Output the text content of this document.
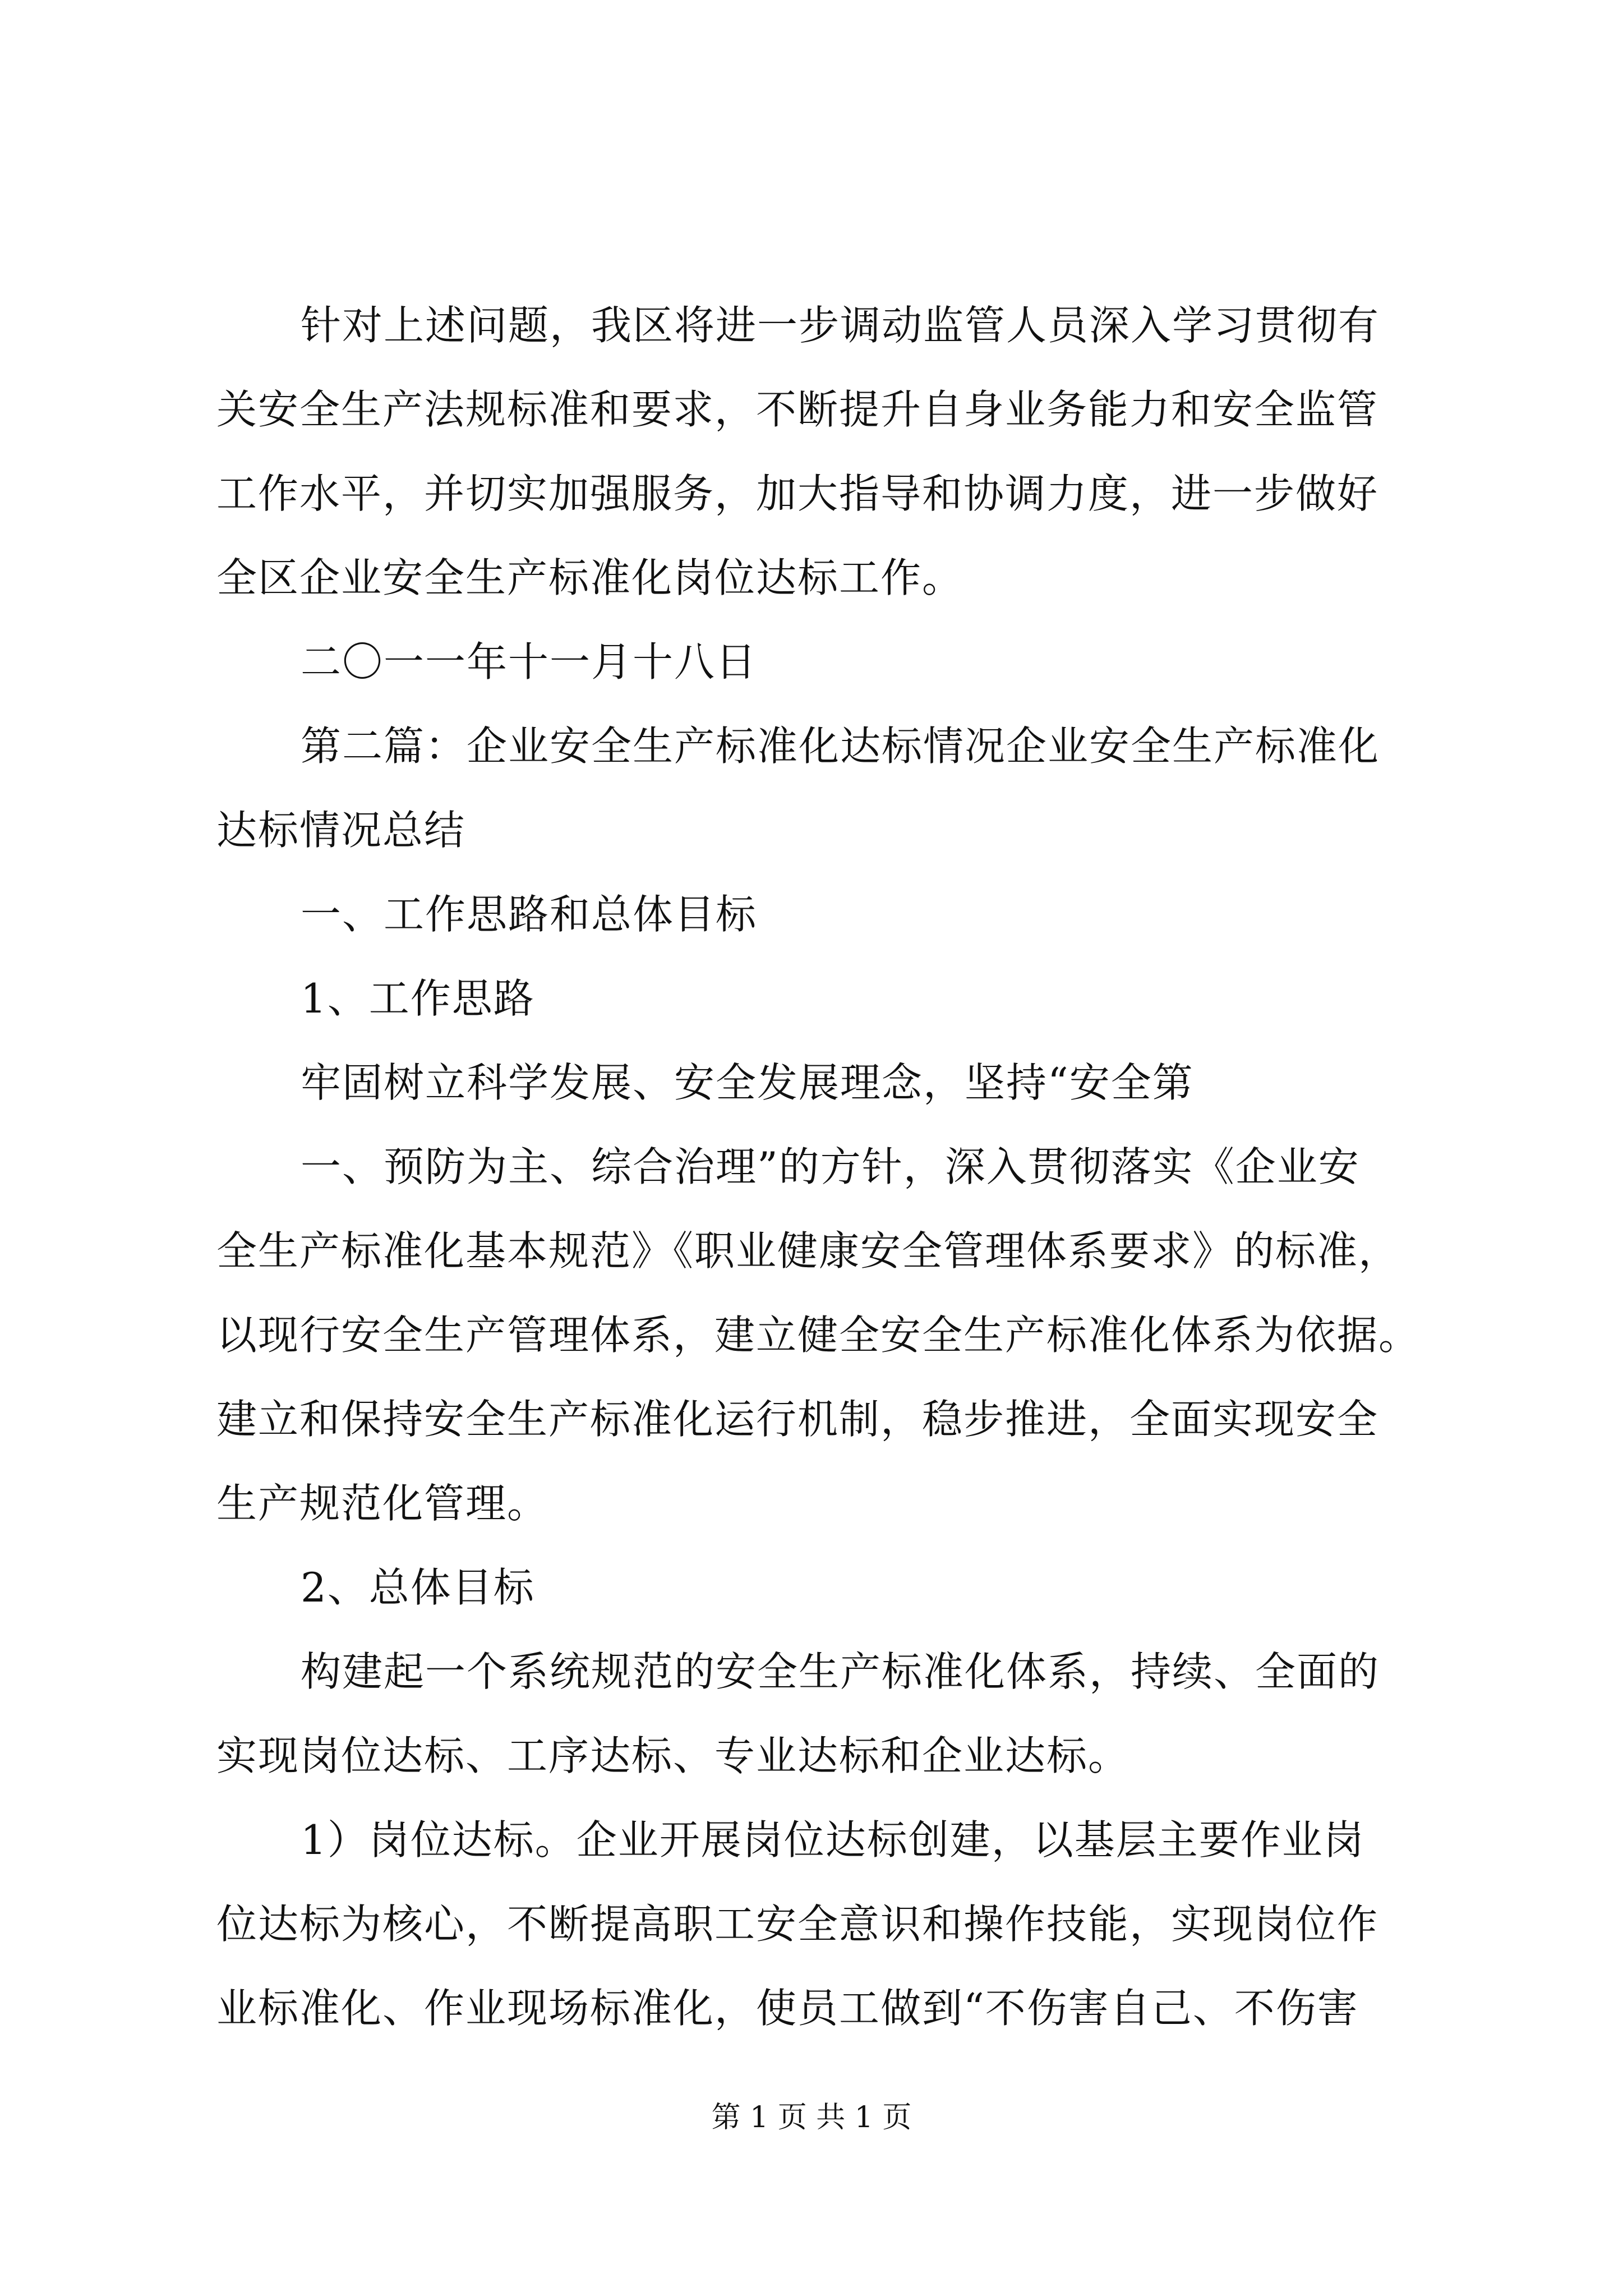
针对上述问题，我区将进一步调动监管人员深入学习贯彻有
关安全生产法规标准和要求，不断提升自身业务能力和安全监管
工作水平，并切实加强服务，加大指导和协调力度，进一步做好
全区企业安全生产标准化岗位达标工作。
二〇一一年十一月十八日
第二篇：企业安全生产标准化达标情况企业安全生产标准化
达标情况总结
一、工作思路和总体目标
1、工作思路
牢固树立科学发展、安全发展理念，坚持“安全第
一、预防为主、综合治理”的方针，深入贯彻落实《企业安
全生产标准化基本规范》《职业健康安全管理体系要求》的标准，
以现行安全生产管理体系，建立健全安全生产标准化体系为依据。
建立和保持安全生产标准化运行机制，稳步推进，全面实现安全
生产规范化管理。
2、总体目标
构建起一个系统规范的安全生产标准化体系，持续、全面的
实现岗位达标、工序达标、专业达标和企业达标。
1）岗位达标。企业开展岗位达标创建，以基层主要作业岗
位达标为核心，不断提高职工安全意识和操作技能，实现岗位作
业标准化、作业现场标准化，使员工做到“不伤害自己、不伤害
第 1 页 共 1 页
